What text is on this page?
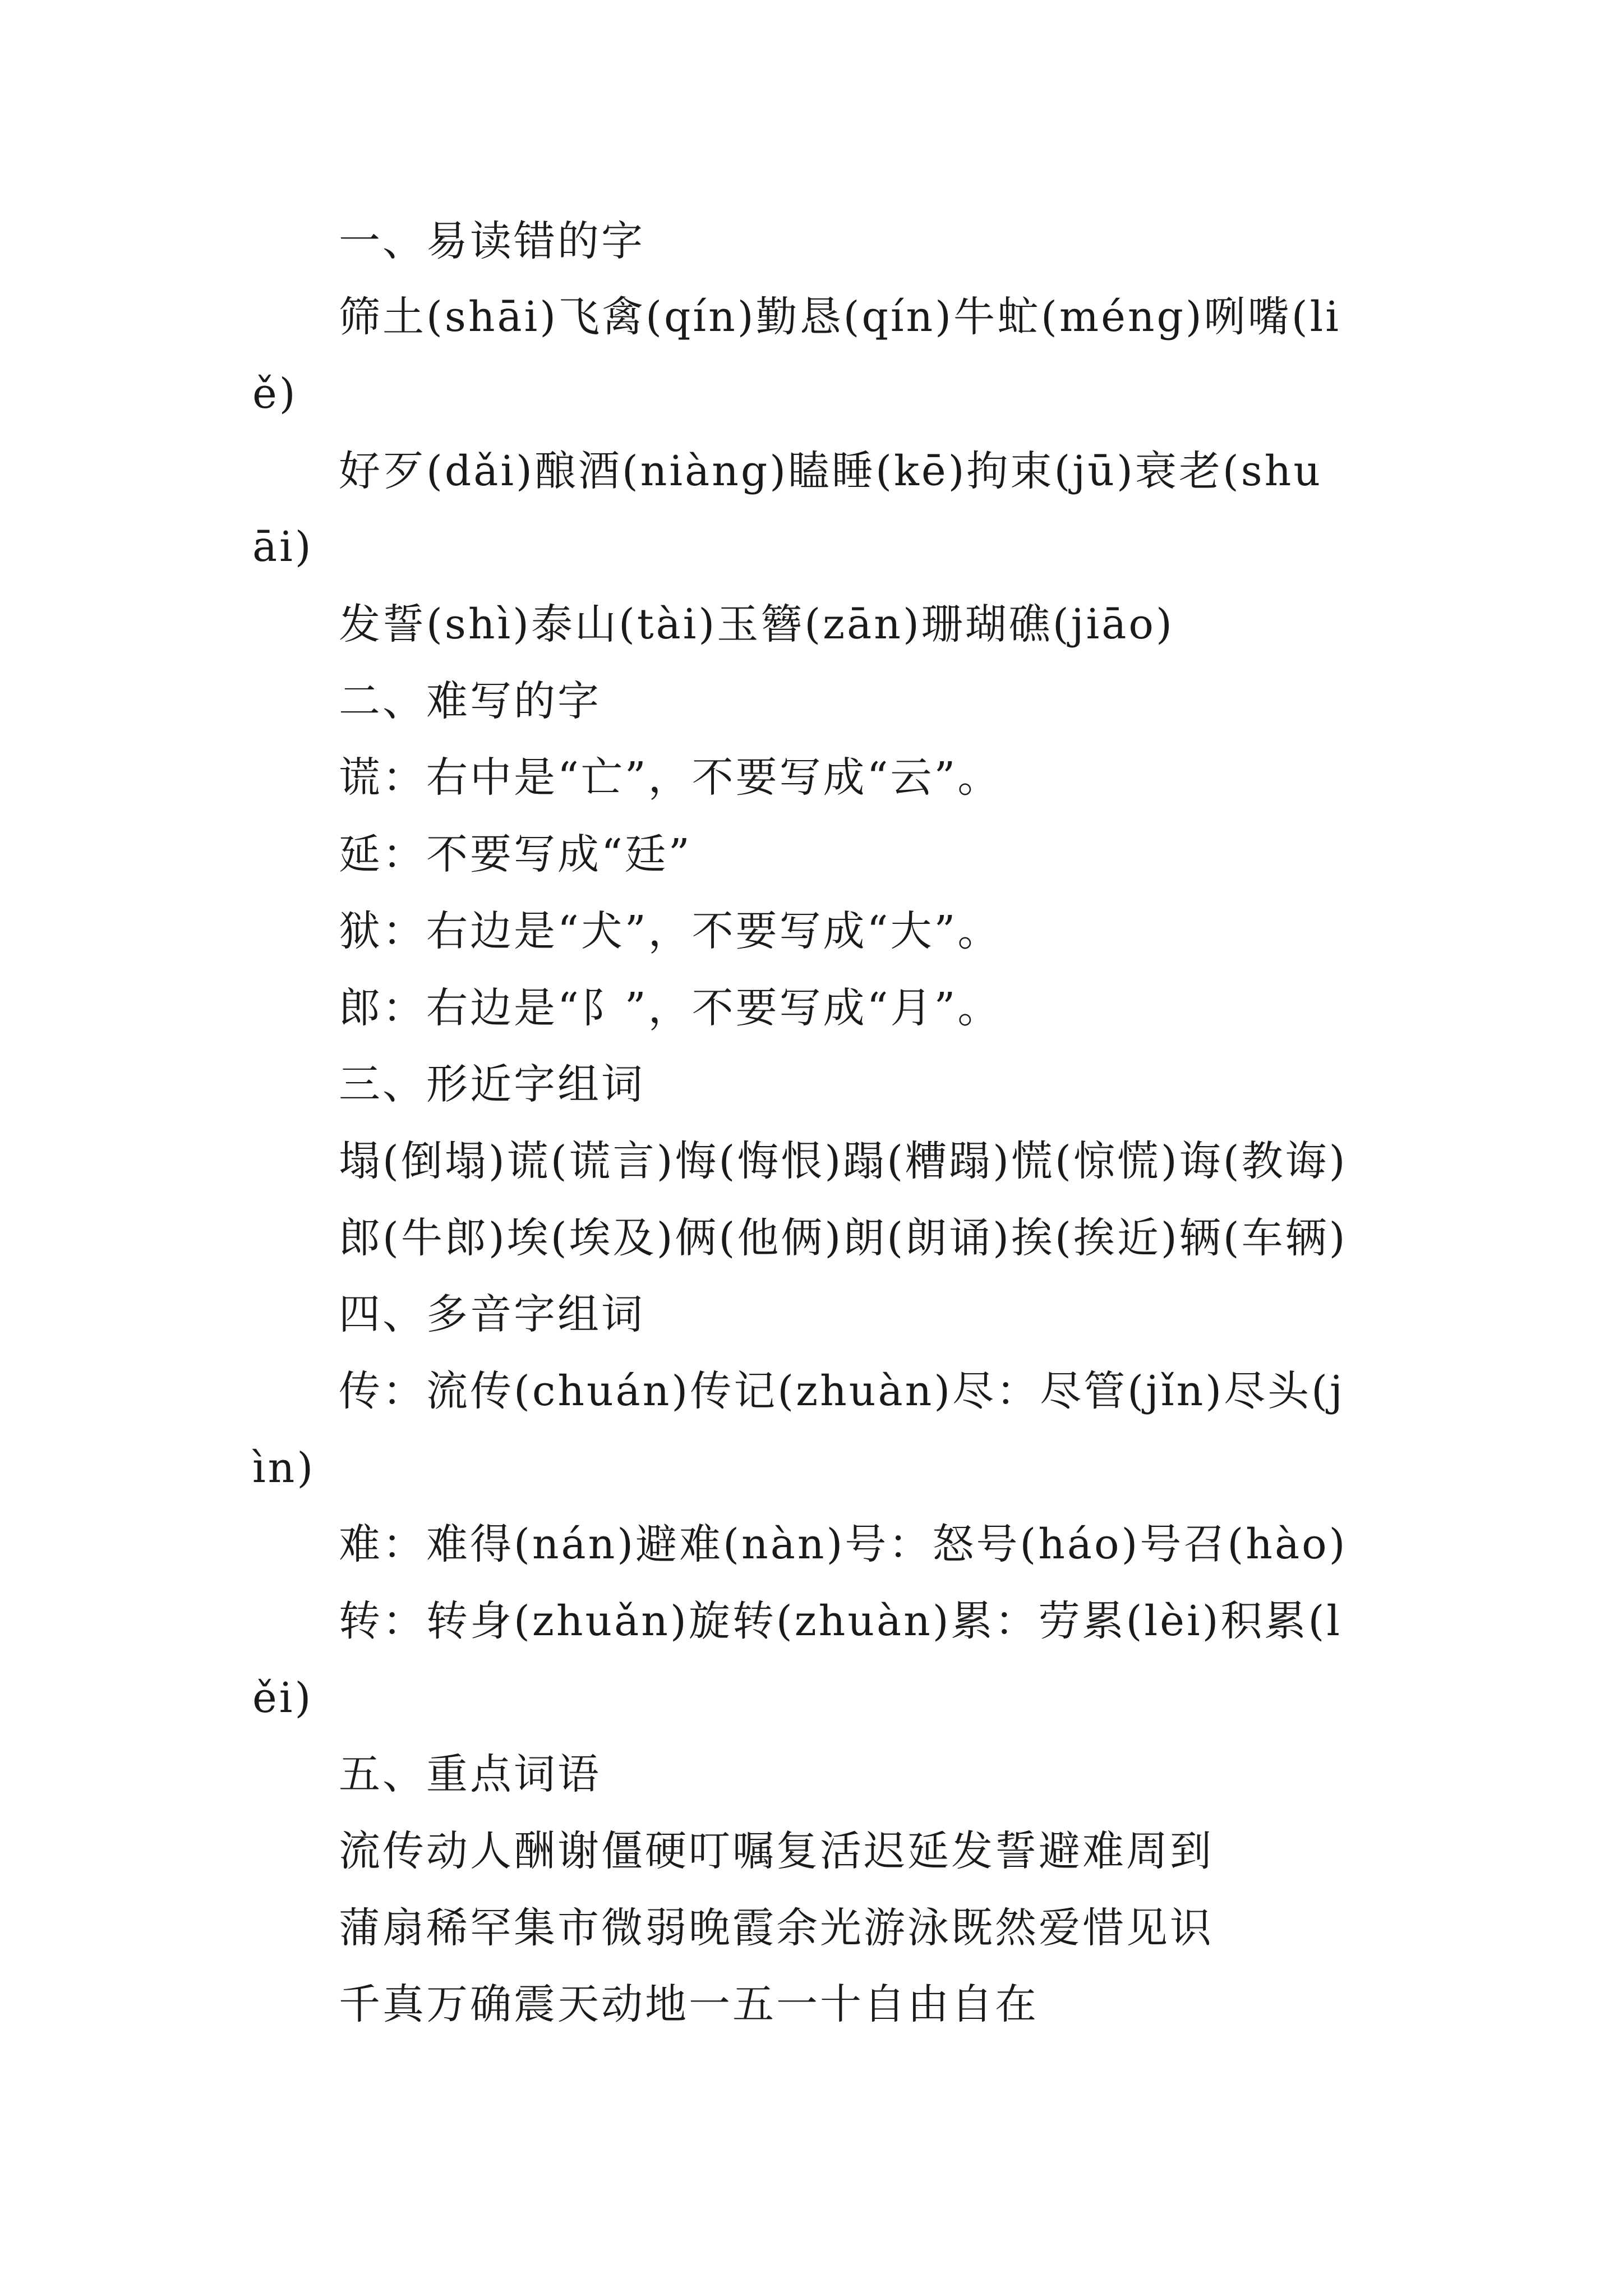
一、易读错的字
筛土(shāi)飞禽(qín)勤恳(qín)牛虻(méng)咧嘴(li
ě)
好歹(dǎi)酿酒(niàng)瞌睡(kē)拘束(jū)衰老(shu
āi)
发誓(shì)泰山(tài)玉簪(zān)珊瑚礁(jiāo)
二、难写的字
谎：右中是“亡”，不要写成“云”。
延：不要写成“廷”
狱：右边是“犬”，不要写成“大”。
郎：右边是“阝”，不要写成“月”。
三、形近字组词
塌(倒塌)谎(谎言)悔(悔恨)蹋(糟蹋)慌(惊慌)诲(教诲)
郎(牛郎)埃(埃及)俩(他俩)朗(朗诵)挨(挨近)辆(车辆)
四、多音字组词
传：流传(chuán)传记(zhuàn)尽：尽管(jǐn)尽头(j
ìn)
难：难得(nán)避难(nàn)号：怒号(háo)号召(hào)
转：转身(zhuǎn)旋转(zhuàn)累：劳累(lèi)积累(l
ěi)
五、重点词语
流传动人酬谢僵硬叮嘱复活迟延发誓避难周到
蒲扇稀罕集市微弱晚霞余光游泳既然爱惜见识
千真万确震天动地一五一十自由自在
